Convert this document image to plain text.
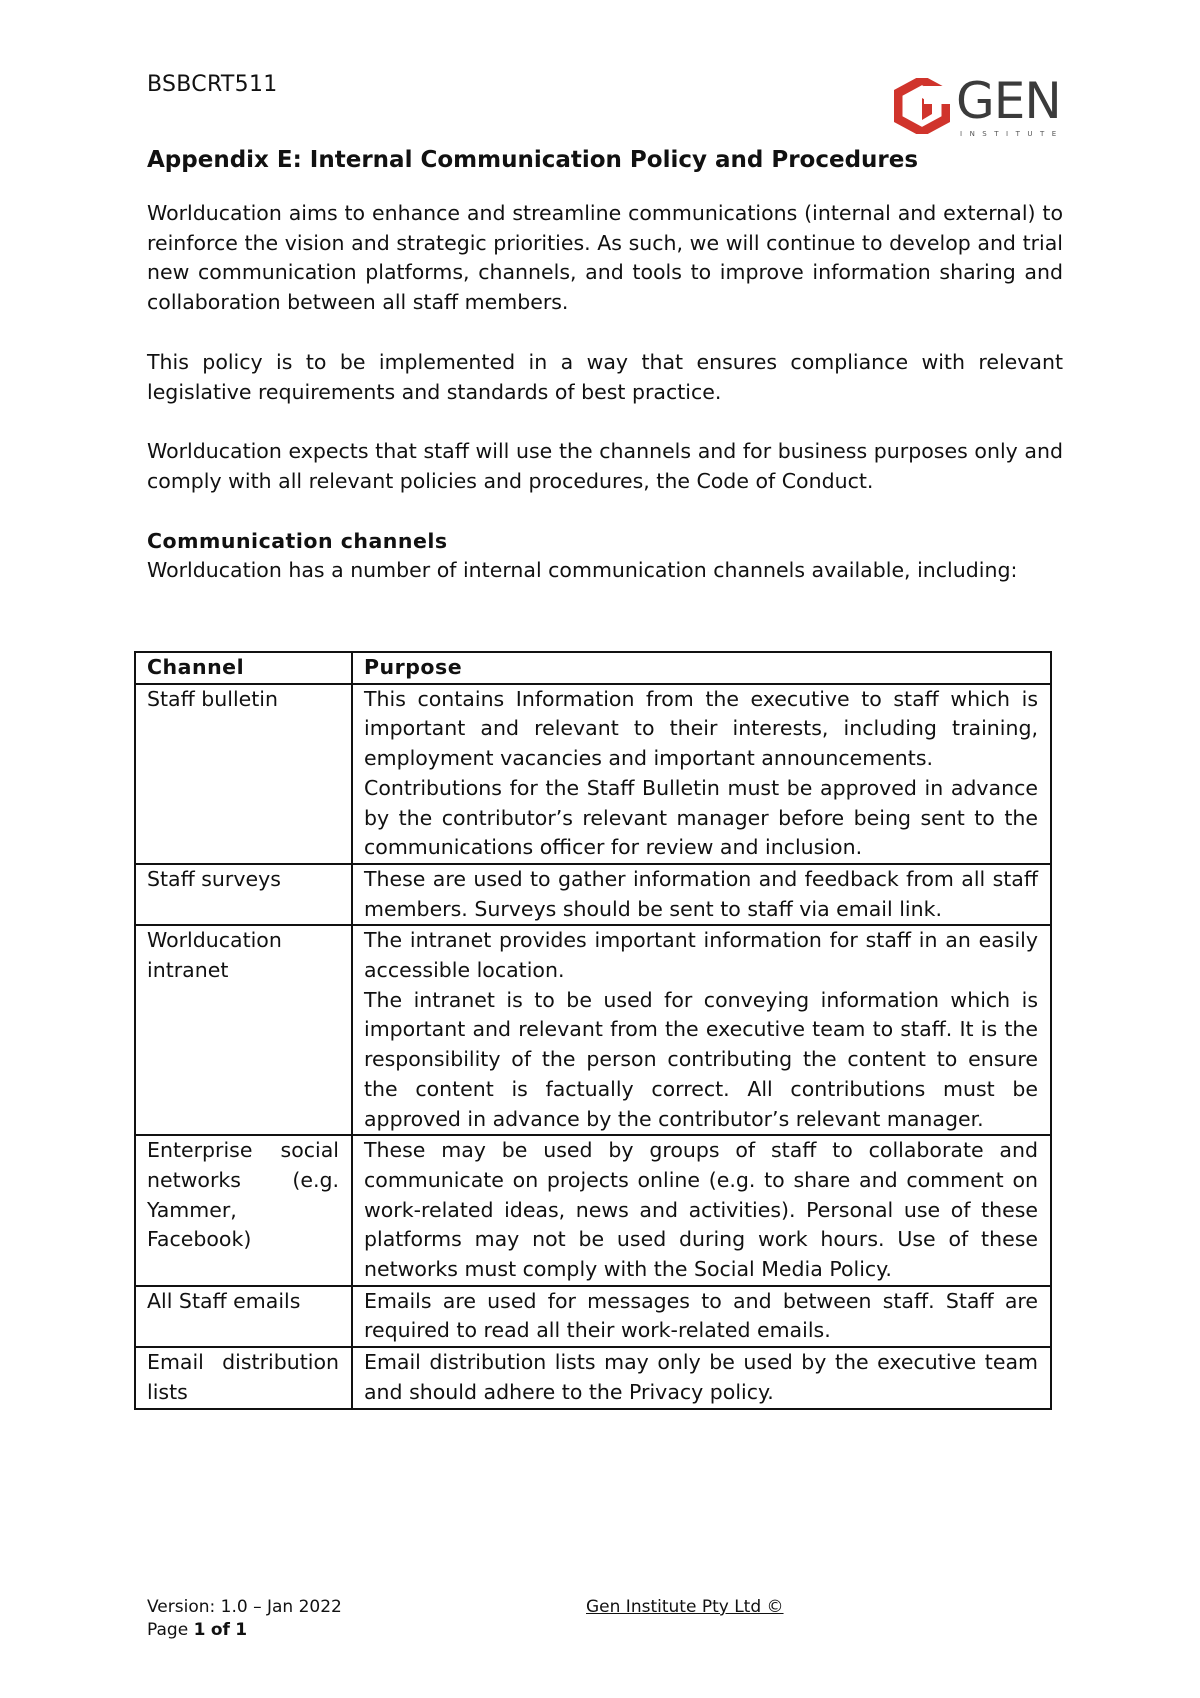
BSBCRT511	GEN
INSTITUTE
Appendix E: Internal Communication Policy and Procedures

Worlducation aims to enhance and streamline communications (internal and external) to reinforce the vision and strategic priorities. As such, we will continue to develop and trial new communication platforms, channels, and tools to improve information sharing and collaboration between all staff members.

This policy is to be implemented in a way that ensures compliance with relevant legislative requirements and standards of best practice.

Worlducation expects that staff will use the channels and for business purposes only and comply with all relevant policies and procedures, the Code of Conduct.

Communication channels

Worlducation has a number of internal communication channels available, including:

Channel	Purpose
Staff bulletin	This contains Information from the executive to staff which is important and relevant to their interests, including training, employment vacancies and important announcements.

Contributions for the Staff Bulletin must be approved in advance by the contributor’s relevant manager before being sent to the communications officer for review and inclusion.

Staff surveys	These are used to gather information and feedback from all staff members. Surveys should be sent to staff via email link.

Worlducation intranet	The intranet provides important information for staff in an easily accessible location.

The intranet is to be used for conveying information which is important and relevant from the executive team to staff. It is the responsibility of the person contributing the content to ensure the content is factually correct. All contributions must be approved in advance by the contributor’s relevant manager.

Enterprise social networks (e.g. Yammer, Facebook)	These may be used by groups of staff to collaborate and communicate on projects online (e.g. to share and comment on work-related ideas, news and activities). Personal use of these platforms may not be used during work hours. Use of these networks must comply with the Social Media Policy.

All Staff emails	Emails are used for messages to and between staff. Staff are required to read all their work-related emails.

Email distribution lists	Email distribution lists may only be used by the executive team and should adhere to the Privacy policy.

Version: 1.0 – Jan 2022
Page 1 of 1
Gen Institute Pty Ltd ©
